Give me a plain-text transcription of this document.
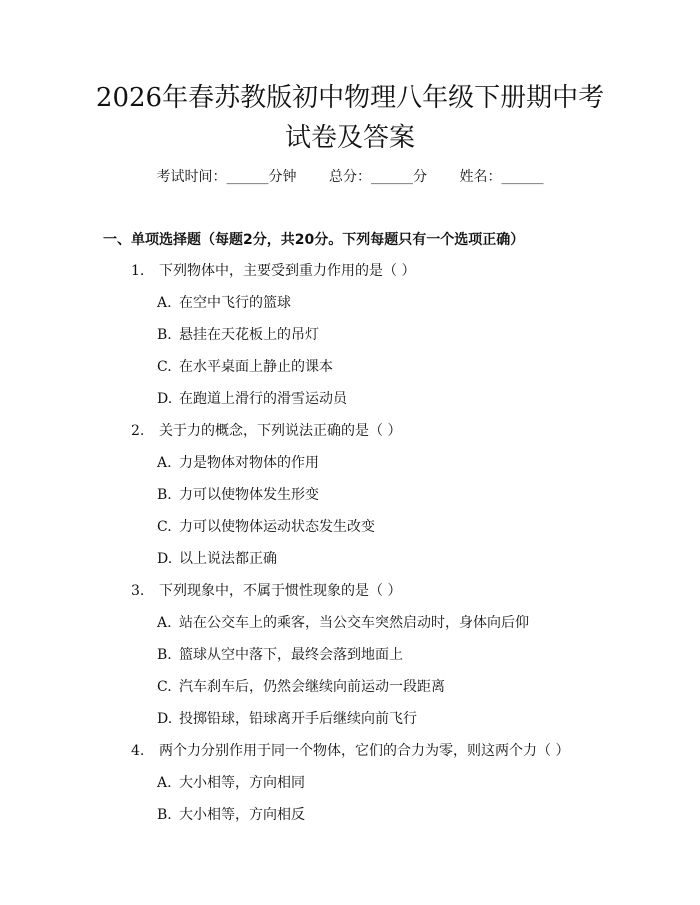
2026年春苏教版初中物理八年级下册期中考
试卷及答案
考试时间：______分钟 总分：______分 姓名：______
一、单项选择题（每题2分，共20分。下列每题只有一个选项正确）
1. 下列物体中，主要受到重力作用的是（ ）
A. 在空中飞行的篮球
B. 悬挂在天花板上的吊灯
C. 在水平桌面上静止的课本
D. 在跑道上滑行的滑雪运动员
2. 关于力的概念，下列说法正确的是（ ）
A. 力是物体对物体的作用
B. 力可以使物体发生形变
C. 力可以使物体运动状态发生改变
D. 以上说法都正确
3. 下列现象中，不属于惯性现象的是（ ）
A. 站在公交车上的乘客，当公交车突然启动时，身体向后仰
B. 篮球从空中落下，最终会落到地面上
C. 汽车刹车后，仍然会继续向前运动一段距离
D. 投掷铅球，铅球离开手后继续向前飞行
4. 两个力分别作用于同一个物体，它们的合力为零，则这两个力（ ）
A. 大小相等，方向相同
B. 大小相等，方向相反
